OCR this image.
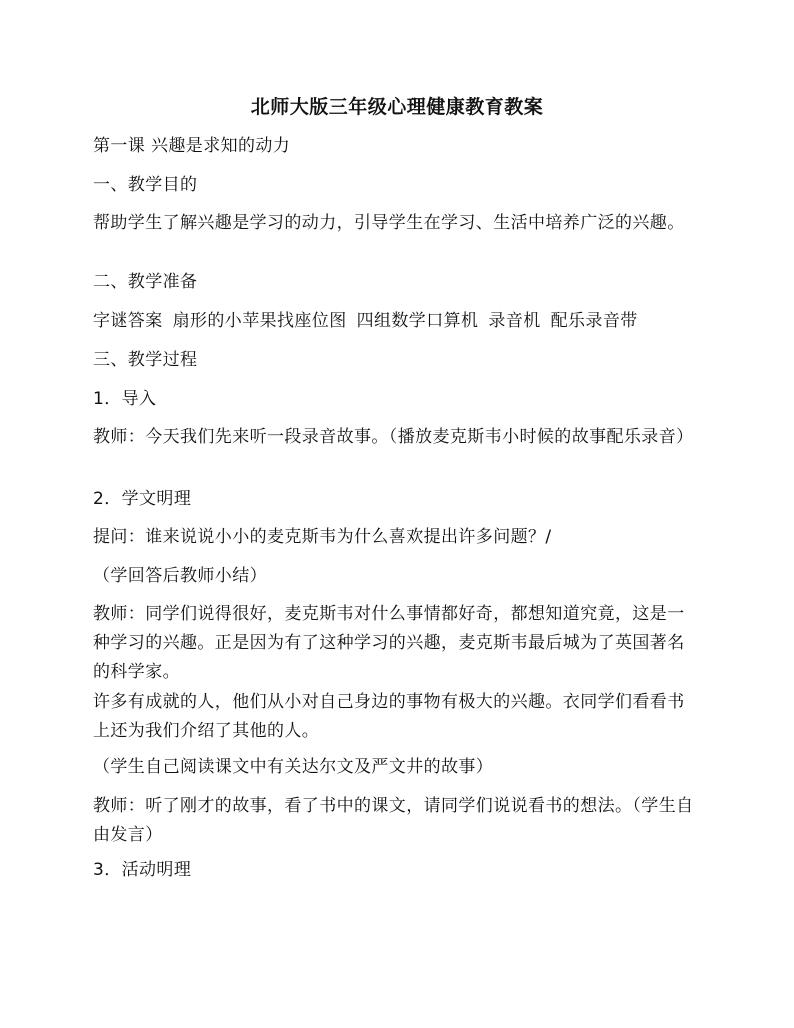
北师大版三年级心理健康教育教案
第一课 兴趣是求知的动力
一、教学目的
帮助学生了解兴趣是学习的动力，引导学生在学习、生活中培养广泛的兴趣。
二、教学准备
字谜答案 扇形的小苹果找座位图 四组数学口算机 录音机 配乐录音带
三、教学过程
1．导入
教师：今天我们先来听一段录音故事。（播放麦克斯韦小时候的故事配乐录音）
2．学文明理
提问：谁来说说小小的麦克斯韦为什么喜欢提出许多问题？/
（学回答后教师小结）
教师：同学们说得很好，麦克斯韦对什么事情都好奇，都想知道究竟，这是一种学习的兴趣。正是因为有了这种学习的兴趣，麦克斯韦最后城为了英国著名的科学家。
许多有成就的人，他们从小对自己身边的事物有极大的兴趣。衣同学们看看书上还为我们介绍了其他的人。
（学生自己阅读课文中有关达尔文及严文井的故事）
教师：听了刚才的故事，看了书中的课文，请同学们说说看书的想法。（学生自由发言）
3．活动明理
